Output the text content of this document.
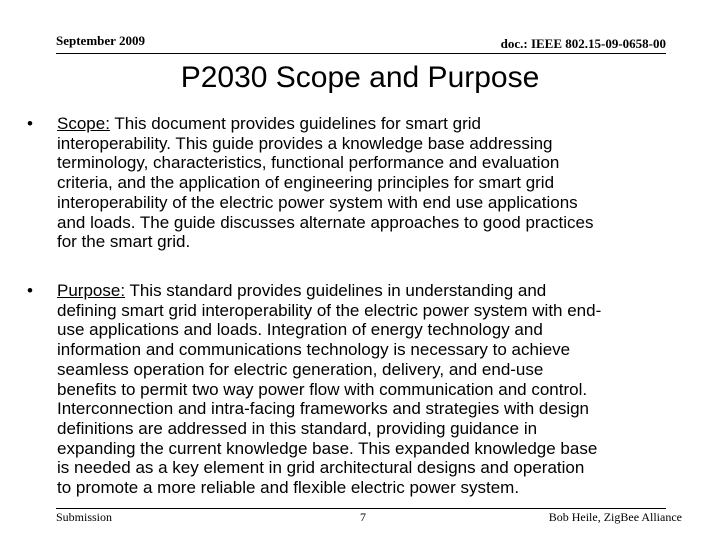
September 2009	doc.: IEEE 802.15-09-0658-00
P2030 Scope and Purpose
• Scope: This document provides guidelines for smart grid
interoperability. This guide provides a knowledge base addressing
terminology, characteristics, functional performance and evaluation
criteria, and the application of engineering principles for smart grid
interoperability of the electric power system with end use applications
and loads. The guide discusses alternate approaches to good practices
for the smart grid.
• Purpose: This standard provides guidelines in understanding and
defining smart grid interoperability of the electric power system with end-
use applications and loads. Integration of energy technology and
information and communications technology is necessary to achieve
seamless operation for electric generation, delivery, and end-use
benefits to permit two way power flow with communication and control.
Interconnection and intra-facing frameworks and strategies with design
definitions are addressed in this standard, providing guidance in
expanding the current knowledge base. This expanded knowledge base
is needed as a key element in grid architectural designs and operation
to promote a more reliable and flexible electric power system.
Submission	7	Bob Heile, ZigBee Alliance
